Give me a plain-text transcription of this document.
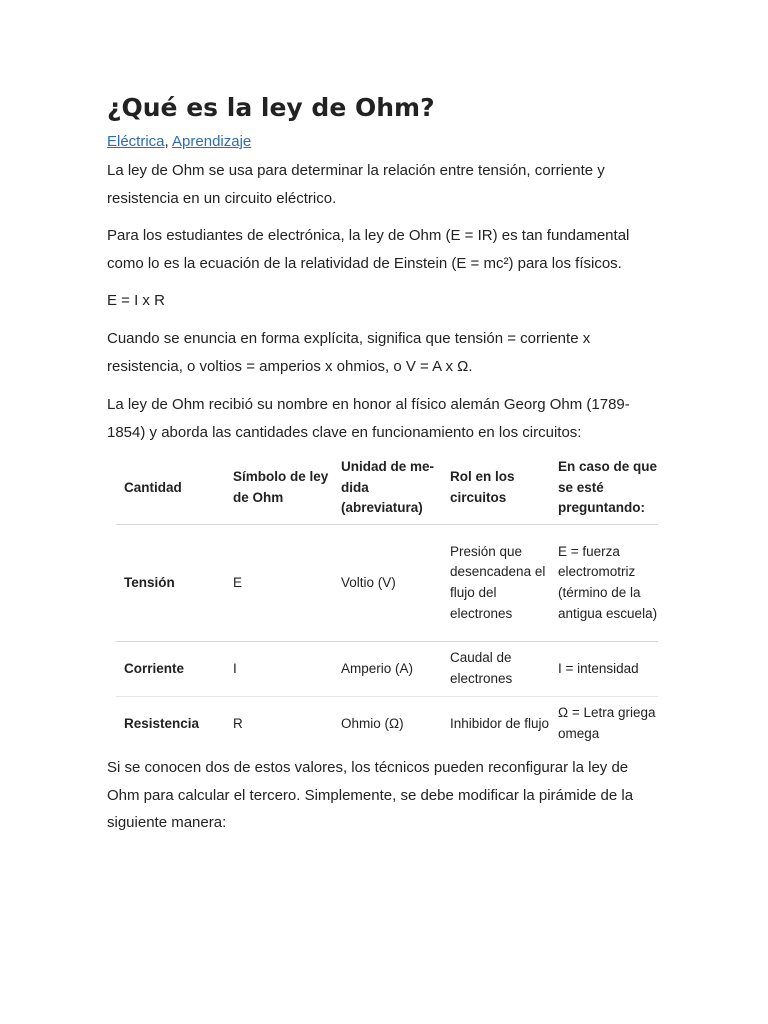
¿Qué es la ley de Ohm?
Eléctrica, Aprendizaje

La ley de Ohm se usa para determinar la relación entre tensión, corriente y resistencia en un circuito eléctrico.

Para los estudiantes de electrónica, la ley de Ohm (E = IR) es tan fundamental como lo es la ecuación de la relatividad de Einstein (E = mc²) para los físicos.

E = I x R

Cuando se enuncia en forma explícita, significa que tensión = corriente x resistencia, o voltios = amperios x ohmios, o V = A x Ω.

La ley de Ohm recibió su nombre en honor al físico alemán Georg Ohm (1789-1854) y aborda las cantidades clave en funcionamiento en los circuitos:

Si se conocen dos de estos valores, los técnicos pueden reconfigurar la ley de Ohm para calcular el tercero. Simplemente, se debe modificar la pirámide de la siguiente manera:

Cantidad	Símbolo de ley de Ohm	Unidad de me-dida (abreviatura)	Rol en los circuitos	En caso de que se esté preguntando:
Tensión	E	Voltio (V)	Presión que desencadena el flujo del electrones	E = fuerza electromotriz (término de la antigua escuela)
Corriente	I	Amperio (A)	Caudal de electrones	I = intensidad
Resistencia	R	Ohmio (Ω)	Inhibidor de flujo	Ω = Letra griega omega
